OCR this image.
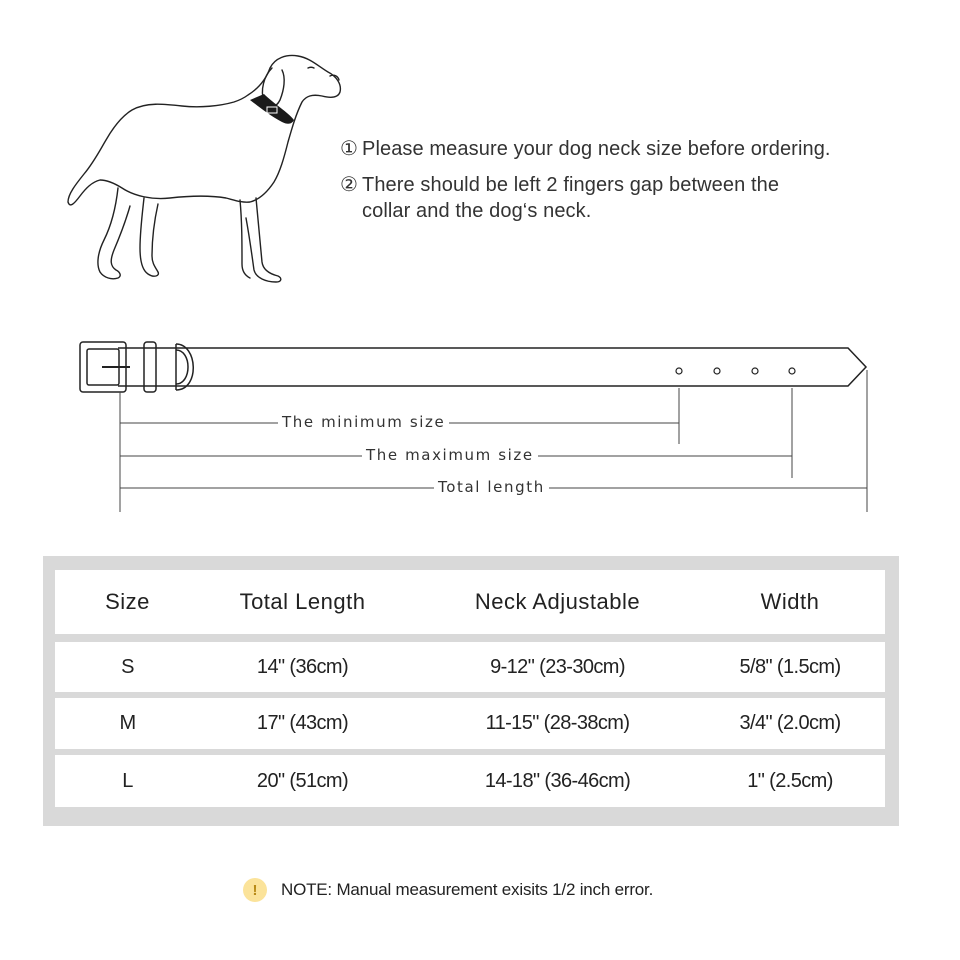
① Please measure your dog neck size before ordering.
② There should be left 2 fingers gap between the
collar and the dog‘s neck.
The minimum size
The maximum size
Total length
Size	Total Length	Neck Adjustable	Width
S	14" (36cm)	9-12" (23-30cm)	5/8" (1.5cm)
M	17" (43cm)	11-15" (28-38cm)	3/4" (2.0cm)
L	20" (51cm)	14-18" (36-46cm)	1" (2.5cm)
!	NOTE: Manual measurement exisits 1/2 inch error.
